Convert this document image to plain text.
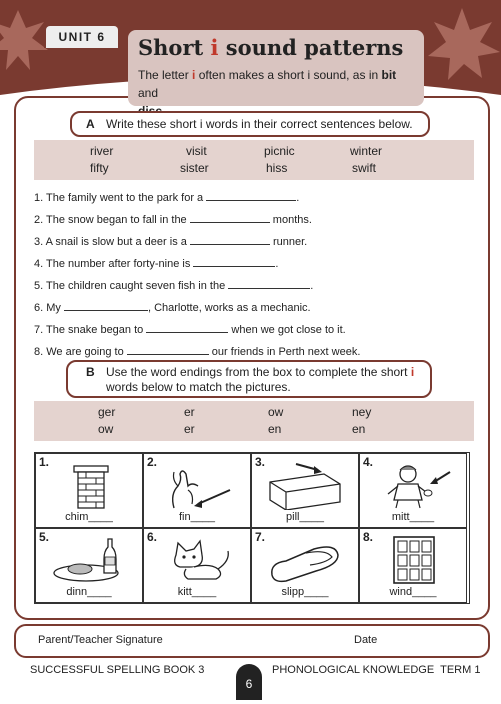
UNIT 6	Short i sound patterns
The letter i often makes a short i sound, as in bit and

A Write these short i words in their correct sentences below.
river	visit	picnic	winter
fifty	sister	hiss	swift
1. The family went to the park for a	.
2. The snow began to fall in the	months.
3. A snail is slow but a deer is a	runner.
4. The number after forty-nine is	.
5. The children caught seven fish in the	.
6. My	, Charlotte, works as a mechanic.
7. The snake began to	when we got close to it.
8. We are going to	our friends in Perth next week.
B Use the word endings from the box to complete the short i
words below to match the pictures.
ger	er	ow	ney
ow	er	en	en
1.
chim____
2.
fin____
3.
pill____
4.
mitt____
5.
dinn____
6.
kitt____
7.
slipp____
8.
wind____
Parent/Teacher Signature	Date
SUCCESSFUL SPELLING BOOK 3
6
PHONOLOGICAL KNOWLEDGE  TERM 1
